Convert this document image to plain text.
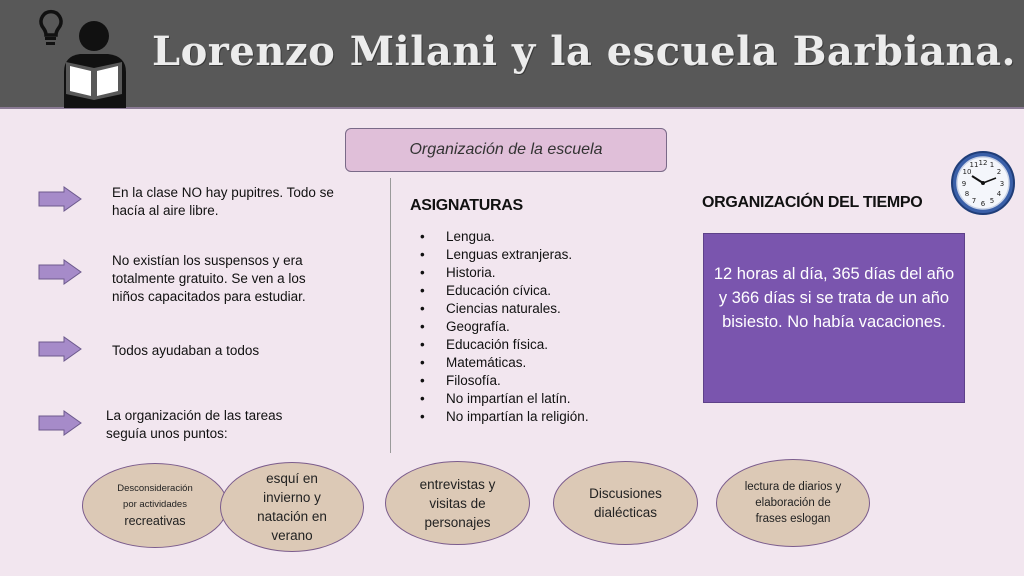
Lorenzo Milani y la escuela Barbiana.
Organización de la escuela
En la clase NO hay pupitres. Todo se hacía al aire libre.
No existían los suspensos y era totalmente gratuito. Se ven a los niños capacitados para estudiar.
Todos ayudaban a todos
La organización de las tareas seguía unos puntos:
ASIGNATURAS
• Lengua.
• Lenguas extranjeras.
• Historia.
• Educación cívica.
• Ciencias naturales.
• Geografía.
• Educación física.
• Matemáticas.
• Filosofía.
• No impartían el latín.
• No impartían la religión.
ORGANIZACIÓN DEL TIEMPO
12 1
2
3
4
5
6
7
8
9
10
11
12 horas al día, 365 días del año y 366 días si se trata de un año bisiesto. No había vacaciones.
Desconsideración
por actividades
recreativas
esquí en invierno y natación en verano
entrevistas y visitas de personajes
Discusiones dialécticas
lectura de diarios y elaboración de frases eslogan
